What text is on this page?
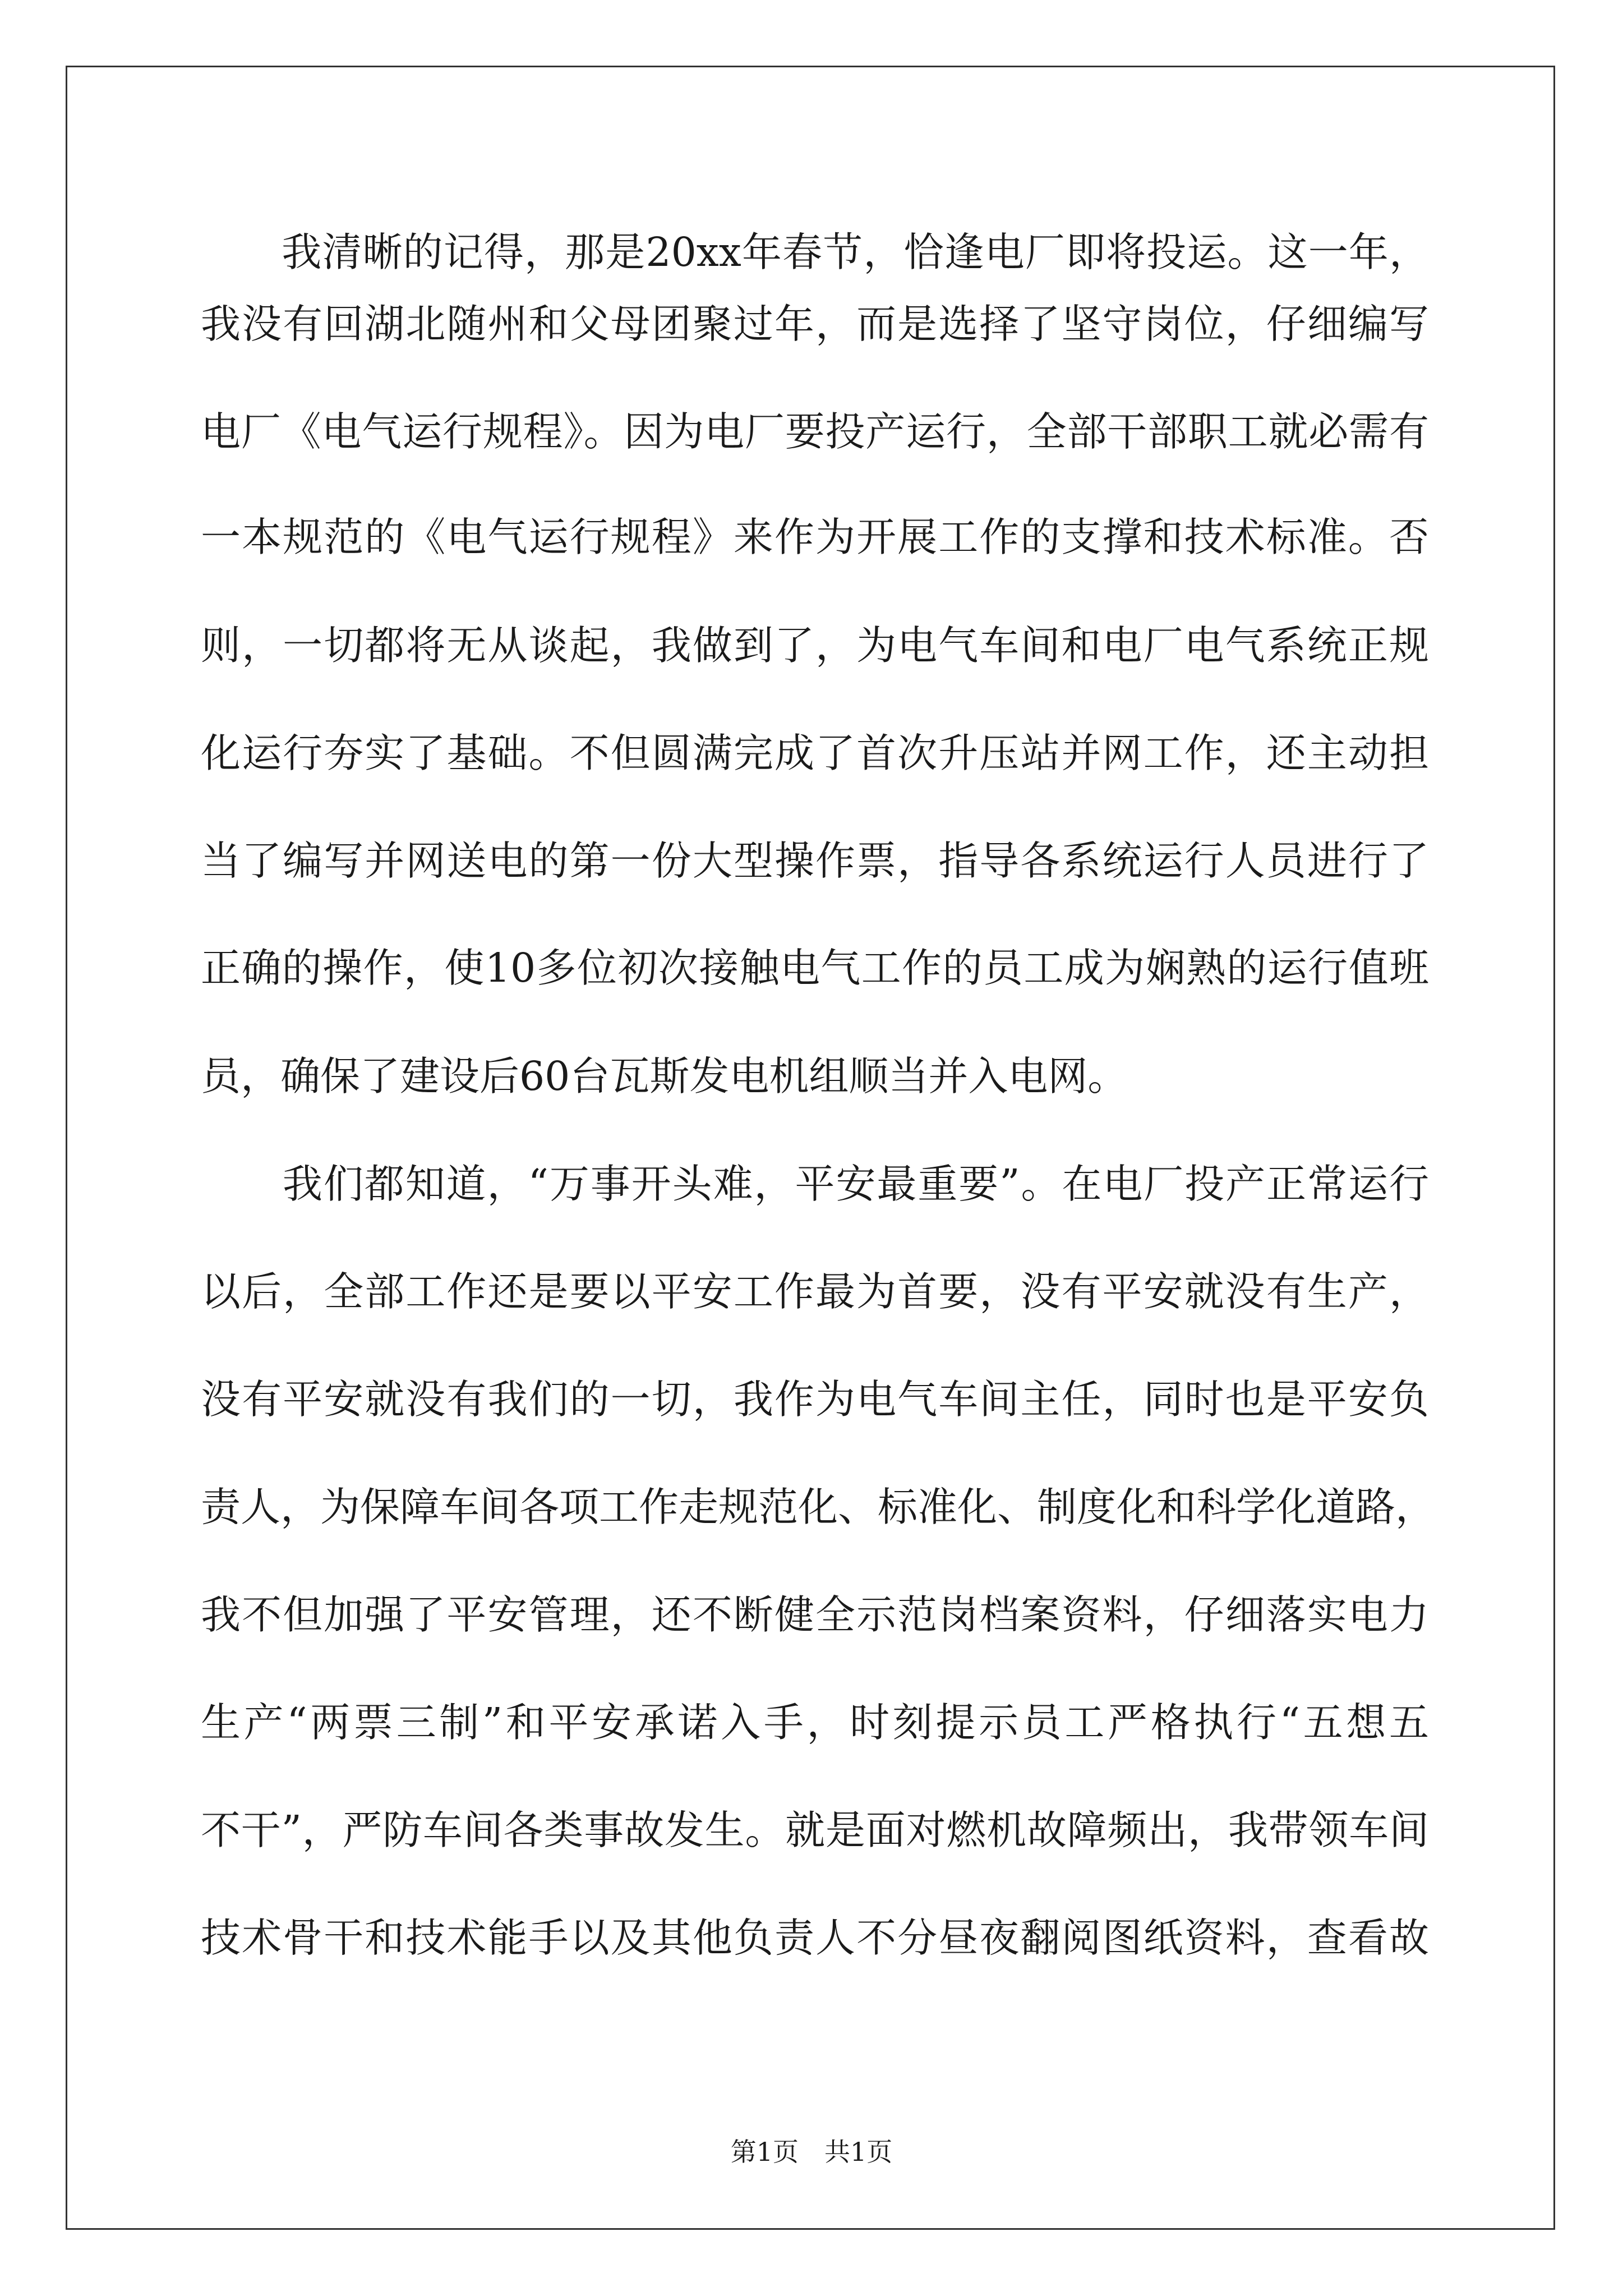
　　我清晰的记得，那是20xx年春节，恰逢电厂即将投运。这一年，
我没有回湖北随州和父母团聚过年，而是选择了坚守岗位，仔细编写
电厂《电气运行规程》。因为电厂要投产运行，全部干部职工就必需有
一本规范的《电气运行规程》来作为开展工作的支撑和技术标准。否
则，一切都将无从谈起，我做到了，为电气车间和电厂电气系统正规
化运行夯实了基础。不但圆满完成了首次升压站并网工作，还主动担
当了编写并网送电的第一份大型操作票，指导各系统运行人员进行了
正确的操作，使10多位初次接触电气工作的员工成为娴熟的运行值班
员，确保了建设后60台瓦斯发电机组顺当并入电网。
　　我们都知道，“万事开头难，平安最重要”。在电厂投产正常运行
以后，全部工作还是要以平安工作最为首要，没有平安就没有生产，
没有平安就没有我们的一切，我作为电气车间主任，同时也是平安负
责人，为保障车间各项工作走规范化、标准化、制度化和科学化道路，
我不但加强了平安管理，还不断健全示范岗档案资料，仔细落实电力
生产“两票三制”和平安承诺入手，时刻提示员工严格执行“五想五
不干”，严防车间各类事故发生。就是面对燃机故障频出，我带领车间
技术骨干和技术能手以及其他负责人不分昼夜翻阅图纸资料，查看故
第1页　共1页
